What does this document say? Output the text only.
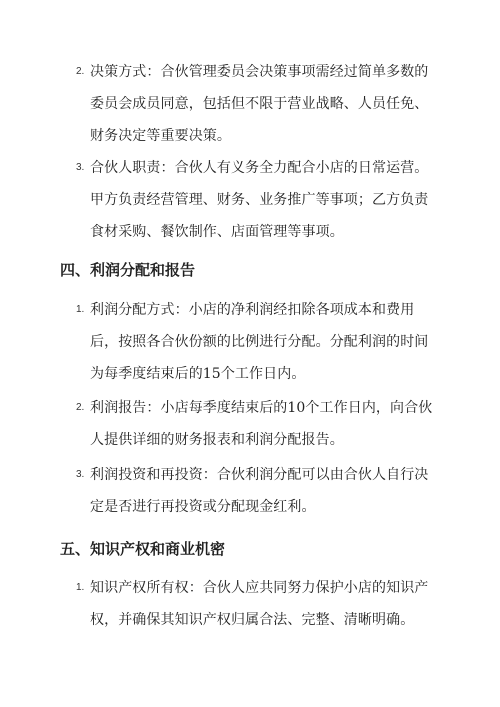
2. 决策方式：合伙管理委员会决策事项需经过简单多数的委员会成员同意，包括但不限于营业战略、人员任免、财务决定等重要决策。
3. 合伙人职责：合伙人有义务全力配合小店的日常运营。甲方负责经营管理、财务、业务推广等事项；乙方负责食材采购、餐饮制作、店面管理等事项。
四、利润分配和报告
1. 利润分配方式：小店的净利润经扣除各项成本和费用后，按照各合伙份额的比例进行分配。分配利润的时间为每季度结束后的15个工作日内。
2. 利润报告：小店每季度结束后的10个工作日内，向合伙人提供详细的财务报表和利润分配报告。
3. 利润投资和再投资：合伙利润分配可以由合伙人自行决定是否进行再投资或分配现金红利。
五、知识产权和商业机密
1. 知识产权所有权：合伙人应共同努力保护小店的知识产权，并确保其知识产权归属合法、完整、清晰明确。
